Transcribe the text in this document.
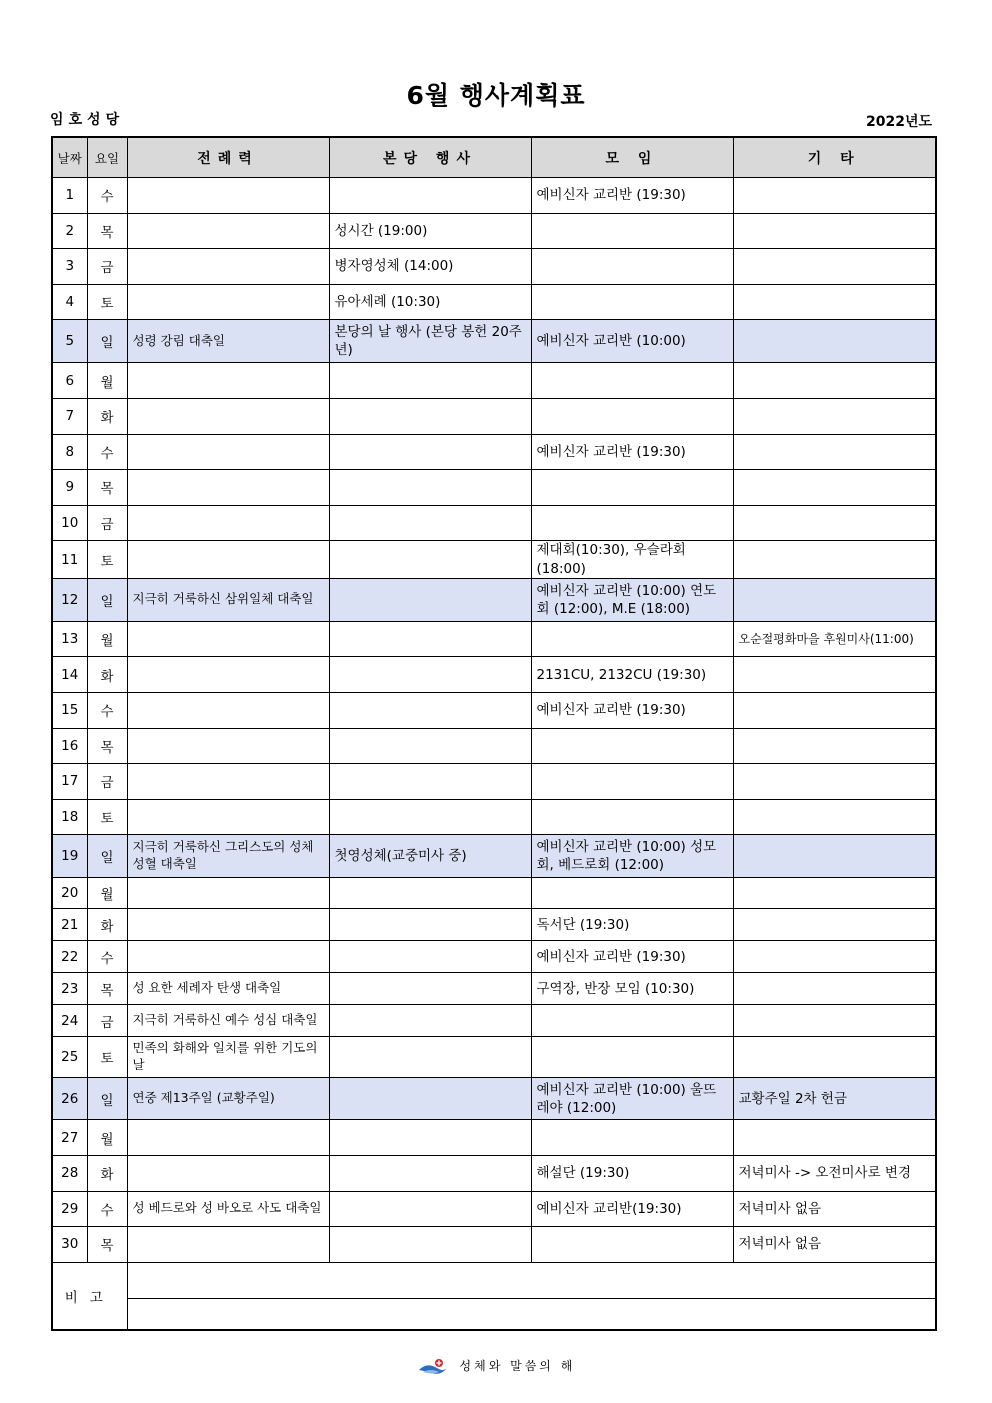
6월 행사계획표
임호성당	2022년도
날짜	요일	전례력	본당 행사	모 임	기 타
1	수			예비신자 교리반 (19:30)	
2	목		성시간 (19:00)		
3	금		병자영성체 (14:00)		
4	토		유아세례 (10:30)		
5	일	성령 강림 대축일	본당의 날 행사 (본당 봉헌 20주년)	예비신자 교리반 (10:00)	
6	월				
7	화				
8	수			예비신자 교리반 (19:30)	
9	목				
10	금				
11	토			제대회(10:30), 우슬라회(18:00)	
12	일	지극히 거룩하신 삼위일체 대축일		예비신자 교리반 (10:00) 연도회 (12:00), M.E (18:00)	
13	월				오순절평화마을 후원미사(11:00)
14	화			2131CU, 2132CU (19:30)	
15	수			예비신자 교리반 (19:30)	
16	목				
17	금				
18	토				
19	일	지극히 거룩하신 그리스도의 성체 성혈 대축일	첫영성체(교중미사 중)	예비신자 교리반 (10:00) 성모회, 베드로회 (12:00)	
20	월				
21	화			독서단 (19:30)	
22	수			예비신자 교리반 (19:30)	
23	목	성 요한 세례자 탄생 대축일		구역장, 반장 모임 (10:30)	
24	금	지극히 거룩하신 예수 성심 대축일			
25	토	민족의 화해와 일치를 위한 기도의 날			
26	일	연중 제13주일 (교황주일)		예비신자 교리반 (10:00) 울뜨레야 (12:00)	교황주일 2차 헌금
27	월				
28	화			해설단 (19:30)	저녁미사 -> 오전미사로 변경
29	수	성 베드로와 성 바오로 사도 대축일		예비신자 교리반(19:30)	저녁미사 없음
30	목				저녁미사 없음
비고					

성체와 말씀의 해
